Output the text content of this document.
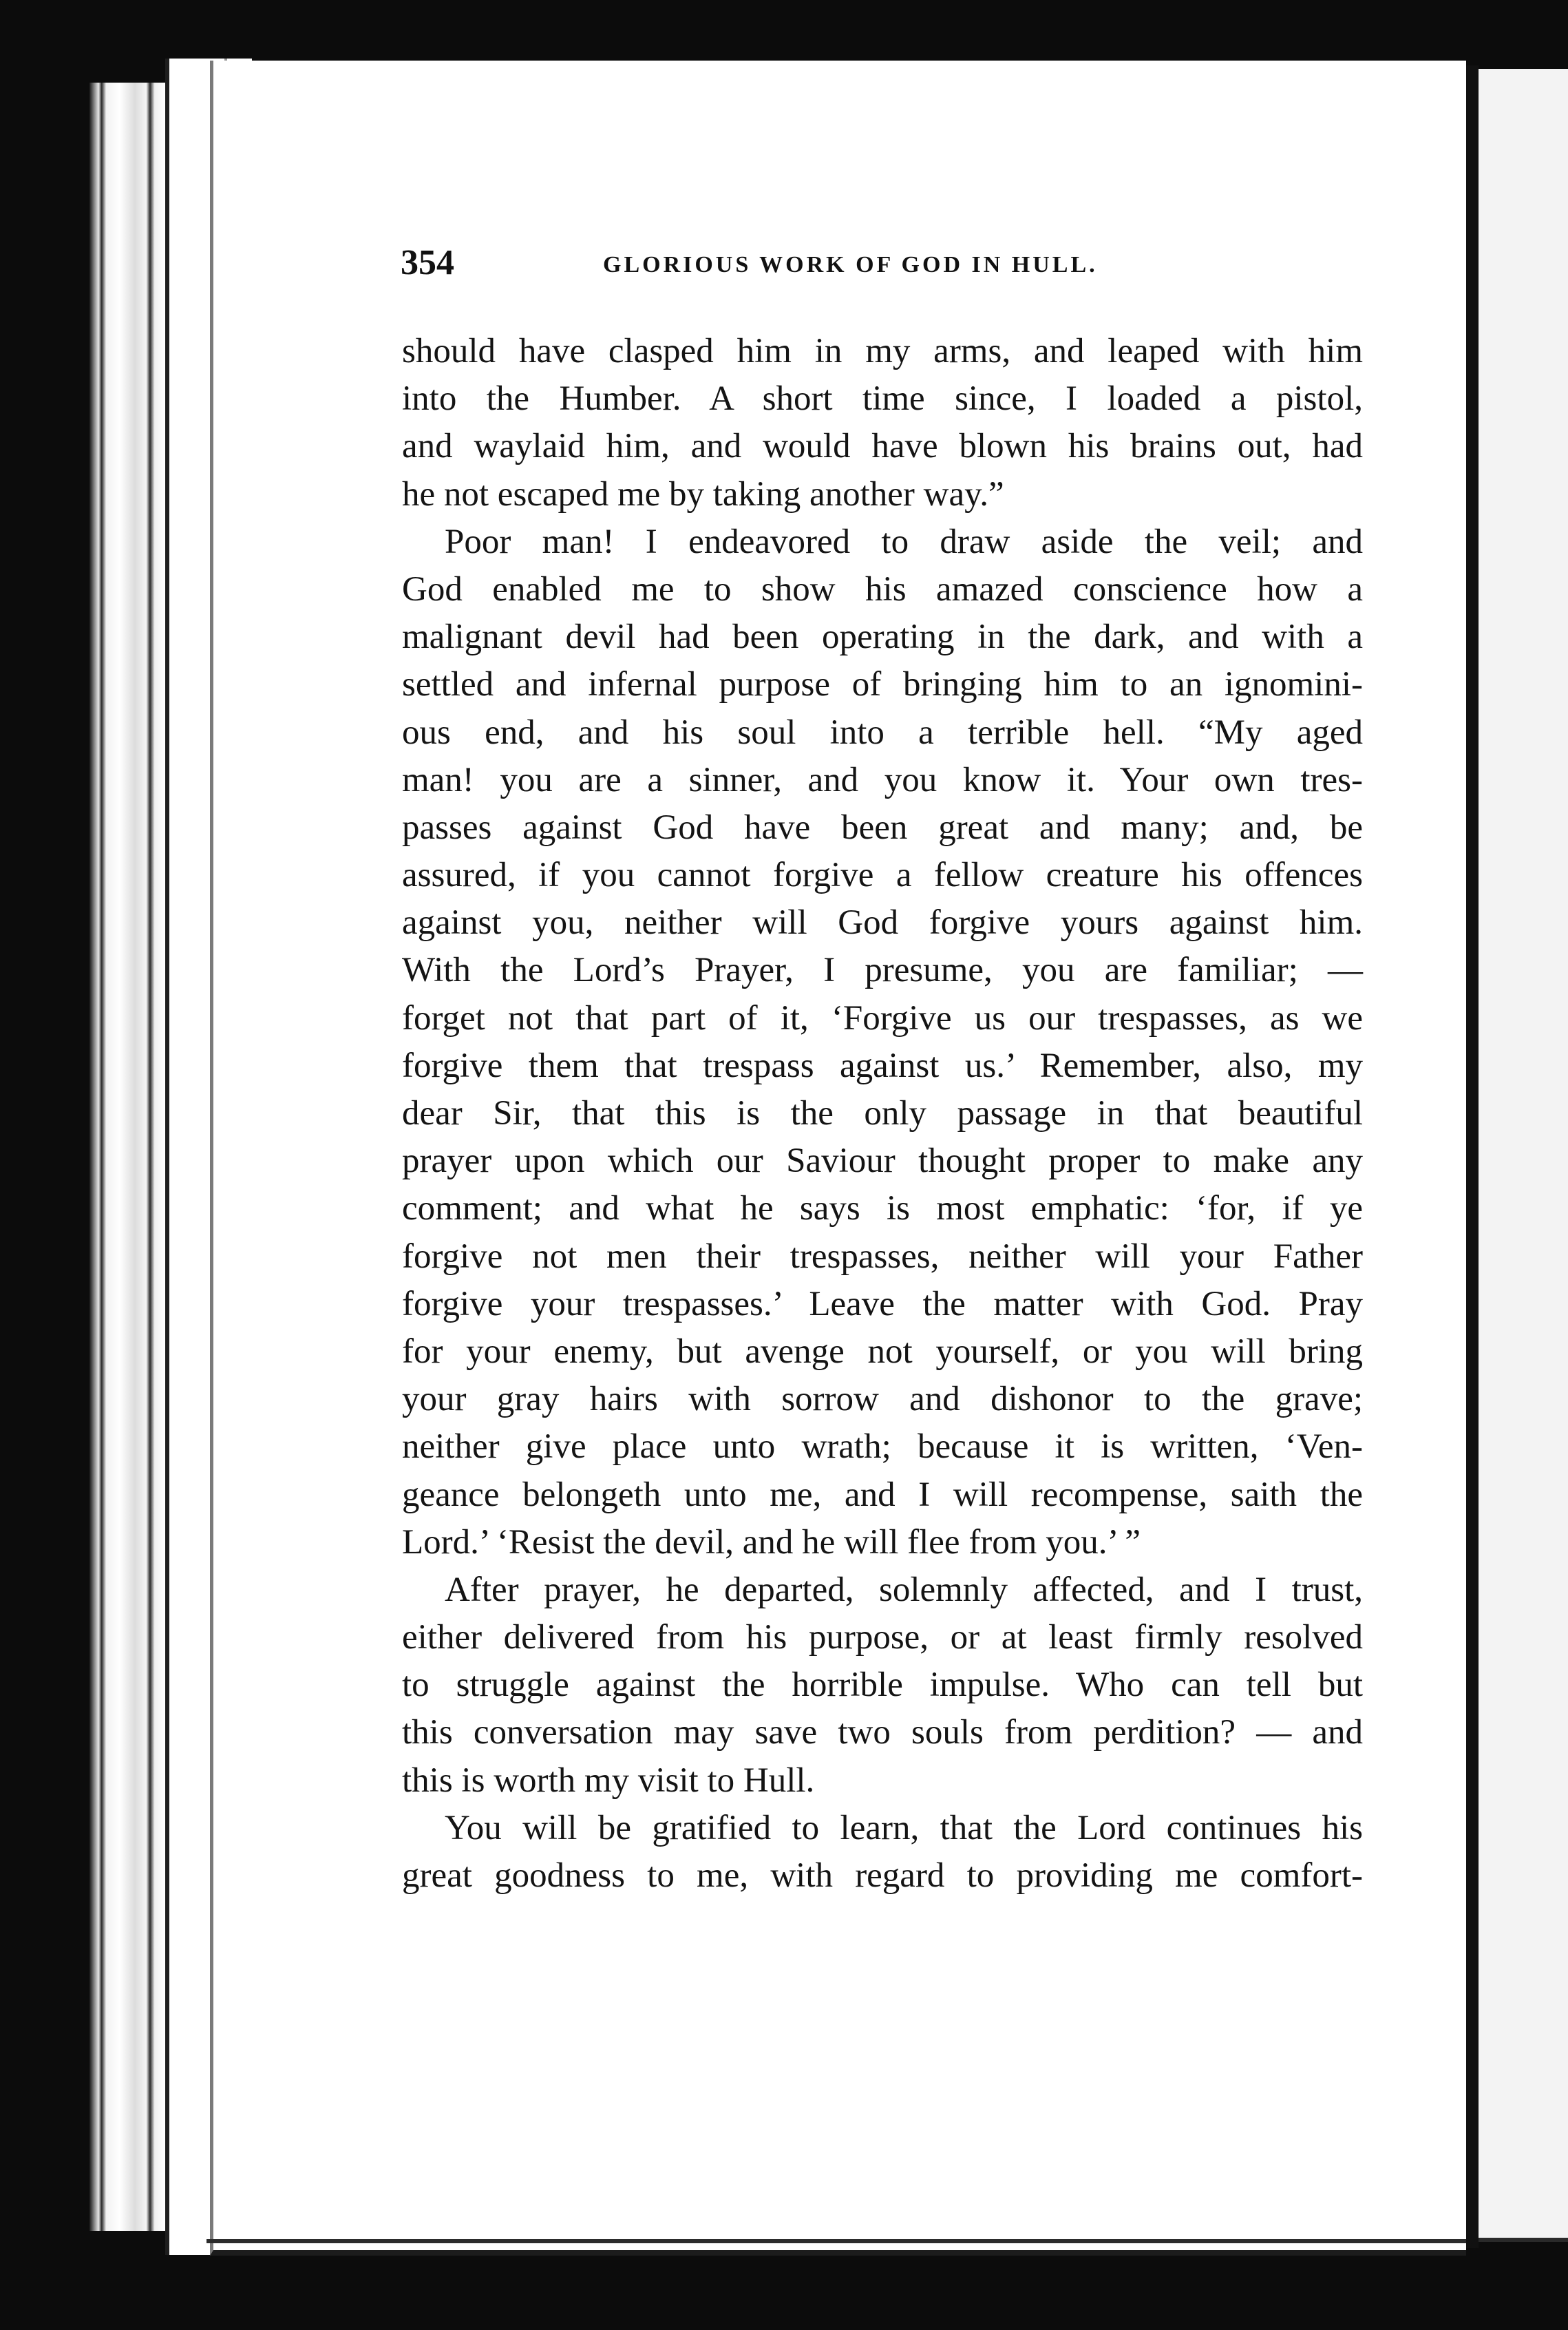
354	GLORIOUS WORK OF GOD IN HULL.
should have clasped him in my arms, and leaped with him
into the Humber. A short time since, I loaded a pistol,
and waylaid him, and would have blown his brains out, had
he not escaped me by taking another way.”
Poor man! I endeavored to draw aside the veil; and
God enabled me to show his amazed conscience how a
malignant devil had been operating in the dark, and with a
settled and infernal purpose of bringing him to an ignomini-
ous end, and his soul into a terrible hell. “My aged
man! you are a sinner, and you know it. Your own tres-
passes against God have been great and many; and, be
assured, if you cannot forgive a fellow creature his offences
against you, neither will God forgive yours against him.
With the Lord’s Prayer, I presume, you are familiar; —
forget not that part of it, ‘Forgive us our trespasses, as we
forgive them that trespass against us.’ Remember, also, my
dear Sir, that this is the only passage in that beautiful
prayer upon which our Saviour thought proper to make any
comment; and what he says is most emphatic: ‘for, if ye
forgive not men their trespasses, neither will your Father
forgive your trespasses.’ Leave the matter with God. Pray
for your enemy, but avenge not yourself, or you will bring
your gray hairs with sorrow and dishonor to the grave;
neither give place unto wrath; because it is written, ‘Ven-
geance belongeth unto me, and I will recompense, saith the
Lord.’ ‘Resist the devil, and he will flee from you.’ ”
After prayer, he departed, solemnly affected, and I trust,
either delivered from his purpose, or at least firmly resolved
to struggle against the horrible impulse. Who can tell but
this conversation may save two souls from perdition? — and
this is worth my visit to Hull.
You will be gratified to learn, that the Lord continues his
great goodness to me, with regard to providing me comfort-
